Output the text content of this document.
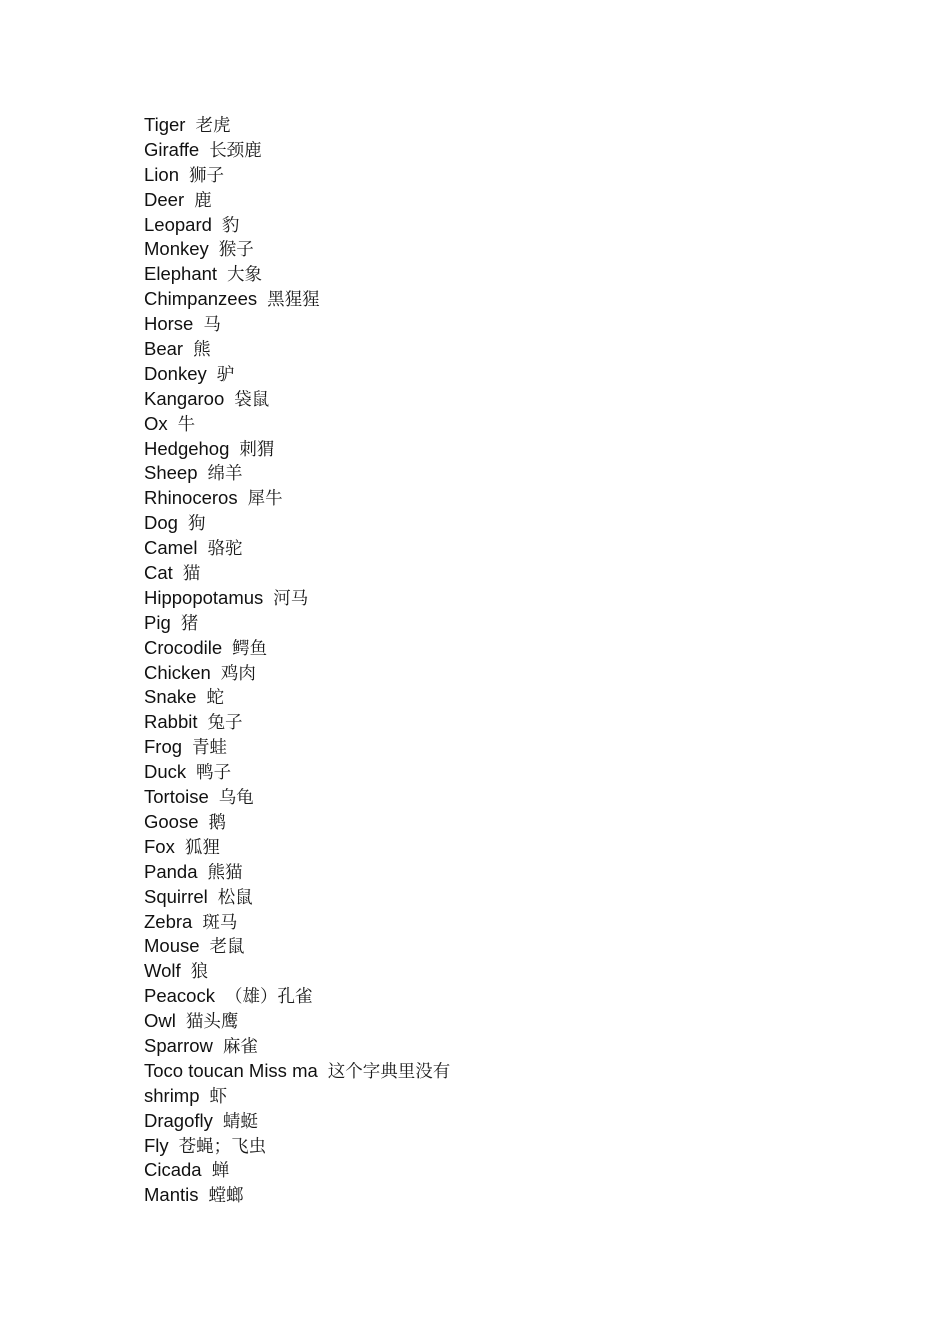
Tiger 老虎
Giraffe 长颈鹿
Lion 狮子
Deer 鹿
Leopard 豹
Monkey 猴子
Elephant 大象
Chimpanzees 黑猩猩
Horse 马
Bear 熊
Donkey 驴
Kangaroo 袋鼠
Ox 牛
Hedgehog 刺猬
Sheep 绵羊
Rhinoceros 犀牛
Dog 狗
Camel 骆驼
Cat 猫
Hippopotamus 河马
Pig 猪
Crocodile 鳄鱼
Chicken 鸡肉
Snake 蛇
Rabbit 兔子
Frog 青蛙
Duck 鸭子
Tortoise 乌龟
Goose 鹅
Fox 狐狸
Panda 熊猫
Squirrel 松鼠
Zebra 斑马
Mouse 老鼠
Wolf 狼
Peacock （雄）孔雀
Owl 猫头鹰
Sparrow 麻雀
Toco toucan Miss ma 这个字典里没有
shrimp 虾
Dragofly 蜻蜓
Fly 苍蝇；飞虫
Cicada 蝉
Mantis 螳螂
